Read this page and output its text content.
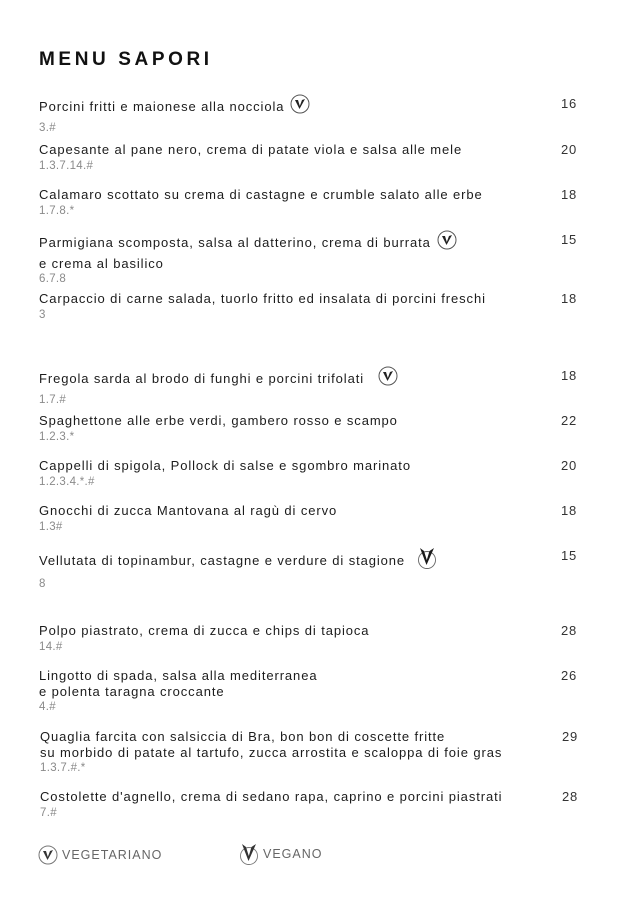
MENU SAPORI
Porcini fritti e maionese alla nocciola
3.#
16
Capesante al pane nero, crema di patate viola e salsa alle mele
1.3.7.14.#
20
Calamaro scottato su crema di castagne e crumble salato alle erbe
1.7.8.*
18
Parmigiana scomposta, salsa al datterino, crema di burrata
e crema al basilico
6.7.8
15
Carpaccio di carne salada, tuorlo fritto ed insalata di porcini freschi
3
18
Fregola sarda al brodo di funghi e porcini trifolati
1.7.#
18
Spaghettone alle erbe verdi, gambero rosso e scampo
1.2.3.*
22
Cappelli di spigola, Pollock di salse e sgombro marinato
1.2.3.4.*.#
20
Gnocchi di zucca Mantovana al ragù di cervo
1.3#
18
Vellutata di topinambur, castagne e verdure di stagione
8
15
Polpo piastrato, crema di zucca e chips di tapioca
14.#
28
Lingotto di spada, salsa alla mediterranea
e polenta taragna croccante
4.#
26
Quaglia farcita con salsiccia di Bra, bon bon di coscette fritte
su morbido di patate al tartufo, zucca arrostita e scaloppa di foie gras
1.3.7.#.*
29
Costolette d'agnello, crema di sedano rapa, caprino e porcini piastrati
7.#
28
VEGETARIANO	VEGANO
